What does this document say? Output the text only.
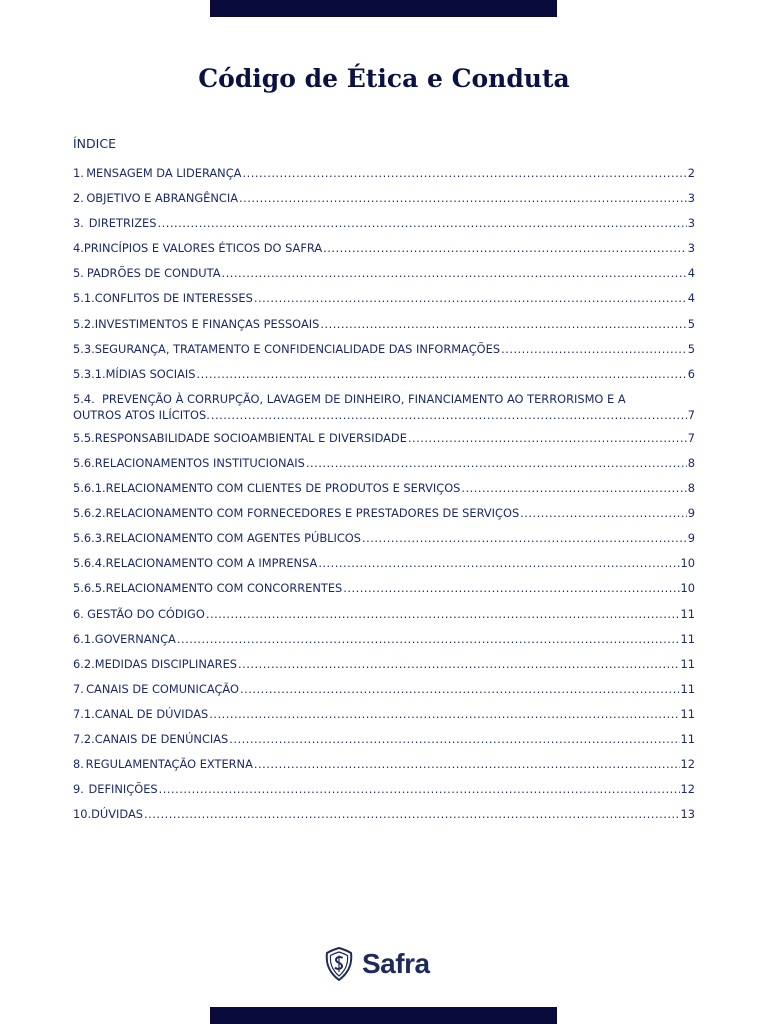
Código de Ética e Conduta
ÍNDICE
1. MENSAGEM DA LIDERANÇA .....	2
2. OBJETIVO E ABRANGÊNCIA .....	3
3. DIRETRIZES .....	3
4. PRINCÍPIOS E VALORES ÉTICOS DO SAFRA .....	3
5. PADRÕES DE CONDUTA .....	4
5.1. CONFLITOS DE INTERESSES .....	4
5.2. INVESTIMENTOS E FINANÇAS PESSOAIS .....	5
5.3. SEGURANÇA, TRATAMENTO E CONFIDENCIALIDADE DAS INFORMAÇÕES .....	5
5.3.1. MÍDIAS SOCIAIS .....	6
5.4. PREVENÇÃO À CORRUPÇÃO, LAVAGEM DE DINHEIRO, FINANCIAMENTO AO TERRORISMO E A
OUTROS ATOS ILÍCITOS. .....	7
5.5. RESPONSABILIDADE SOCIOAMBIENTAL E DIVERSIDADE .....	7
5.6. RELACIONAMENTOS INSTITUCIONAIS .....	8
5.6.1. RELACIONAMENTO COM CLIENTES DE PRODUTOS E SERVIÇOS .....	8
5.6.2. RELACIONAMENTO COM FORNECEDORES E PRESTADORES DE SERVIÇOS .....	9
5.6.3. RELACIONAMENTO COM AGENTES PÚBLICOS .....	9
5.6.4. RELACIONAMENTO COM A IMPRENSA .....	10
5.6.5. RELACIONAMENTO COM CONCORRENTES .....	10
6. GESTÃO DO CÓDIGO .....	11
6.1. GOVERNANÇA .....	11
6.2. MEDIDAS DISCIPLINARES .....	11
7. CANAIS DE COMUNICAÇÃO .....	11
7.1. CANAL DE DÚVIDAS .....	11
7.2. CANAIS DE DENÚNCIAS .....	11
8. REGULAMENTAÇÃO EXTERNA .....	12
9. DEFINIÇÕES .....	12
10. DÚVIDAS .....	13
Safra
